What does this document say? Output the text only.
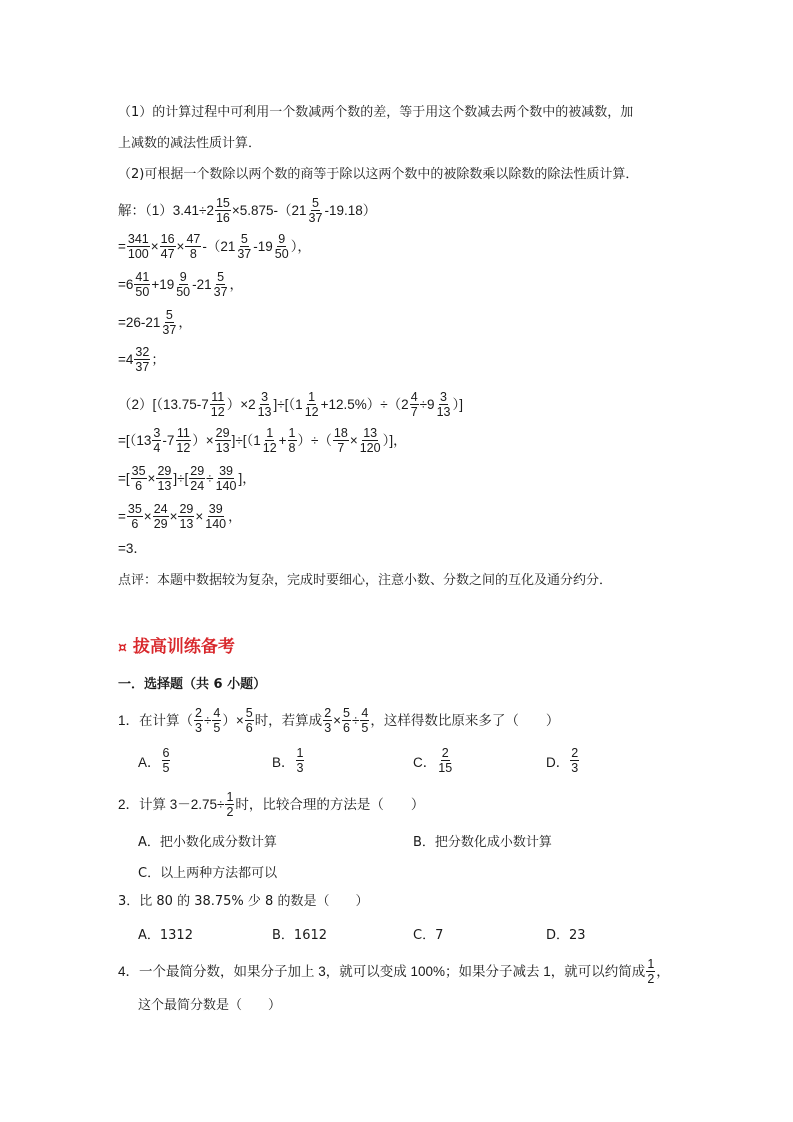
（1）的计算过程中可利用一个数减两个数的差，等于用这个数减去两个数中的被减数，加
上减数的减法性质计算．
（2)可根据一个数除以两个数的商等于除以这两个数中的被除数乘以除数的除法性质计算．
解：$(1)3.41\div 2 \frac{15}{16} \times 5.875-(21 \frac{5}{37} -19.18)$
= $\frac{341}{100} \times \frac{16}{47} \times \frac{47}{8} -(21 \frac{5}{37} -19 \frac{9}{50}$ ），
$=6 \frac{41}{50} +19 \frac{9}{50} -21 \frac{5}{37}$ ，
$=26-21 \frac{5}{37}$ ，
$=4 \frac{32}{37}$ ；
$(2)[(13.75-7 \frac{11}{12} )\times 2 \frac{3}{13} ]\div[(1 \frac{1}{12} +12.5\%)\div(2 \frac{4}{7} \div 9 \frac{3}{13}$ ）]
$=[(13 \frac{3}{4} -7 \frac{11}{12}$ ）× $\frac{29}{13} ]\div[(1 \frac{1}{12} + \frac{1}{8}$ ）÷（ $\frac{18}{7} \times \frac{13}{120}$ ）]，
=[ $\frac{35}{6} \times \frac{29}{13}$ ]÷[ $\frac{29}{24} \div \frac{39}{140}$ ]，
= $\frac{35}{6} \times \frac{24}{29} \times \frac{29}{13} \times \frac{39}{140}$ ，
=3．
点评：本题中数据较为复杂，完成时要细心，注意小数、分数之间的互化及通分约分．
¤ 拔高训练备考
一．选择题（共 6 小题）
1．在计算（ $\frac{2}{3} \div \frac{4}{5}$ ）× $\frac{5}{6}$ 时，若算成 $\frac{2}{3} \times \frac{5}{6} \div \frac{4}{5}$ ，这样得数比原来多了（　　）
A． $\frac{6}{5}$	B． $\frac{1}{3}$	C． $\frac{2}{15}$	D． $\frac{2}{3}$
2．计算 $3-2.75\div \frac{1}{2}$ 时，比较合理的方法是（　　）
A．把小数化成分数计算	B．把分数化成小数计算
C．以上两种方法都可以
3．比 80 的 38.75% 少 8 的数是（　　）
A．1312	B．1612	C．7	D．23
4．一个最简分数，如果分子加上 3，就可以变成 100%；如果分子减去 1，就可以约简成 $\frac{1}{2}$ ，
这个最简分数是（　　）
